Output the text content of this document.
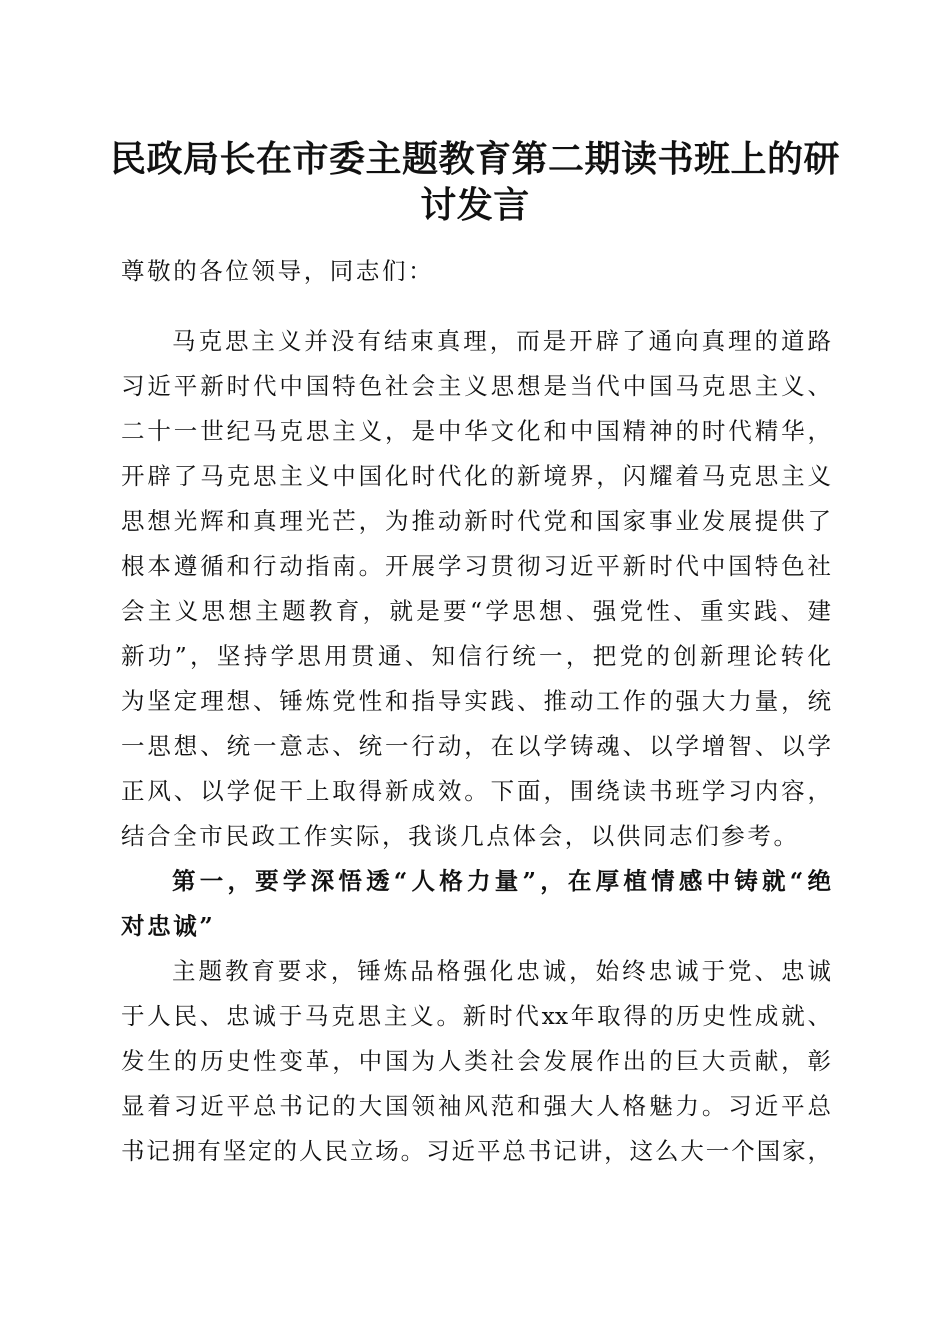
民政局长在市委主题教育第二期读书班上的研
讨发言
尊敬的各位领导，同志们：
马克思主义并没有结束真理，而是开辟了通向真理的道路
习近平新时代中国特色社会主义思想是当代中国马克思主义、
二十一世纪马克思主义，是中华文化和中国精神的时代精华，
开辟了马克思主义中国化时代化的新境界，闪耀着马克思主义
思想光辉和真理光芒，为推动新时代党和国家事业发展提供了
根本遵循和行动指南。开展学习贯彻习近平新时代中国特色社
会主义思想主题教育，就是要“学思想、强党性、重实践、建
新功”，坚持学思用贯通、知信行统一，把党的创新理论转化
为坚定理想、锤炼党性和指导实践、推动工作的强大力量，统
一思想、统一意志、统一行动，在以学铸魂、以学增智、以学
正风、以学促干上取得新成效。下面，围绕读书班学习内容，
结合全市民政工作实际，我谈几点体会，以供同志们参考。
第一，要学深悟透“人格力量”，在厚植情感中铸就“绝
对忠诚”
主题教育要求，锤炼品格强化忠诚，始终忠诚于党、忠诚
于人民、忠诚于马克思主义。新时代xx年取得的历史性成就、
发生的历史性变革，中国为人类社会发展作出的巨大贡献，彰
显着习近平总书记的大国领袖风范和强大人格魅力。习近平总
书记拥有坚定的人民立场。习近平总书记讲，这么大一个国家，
